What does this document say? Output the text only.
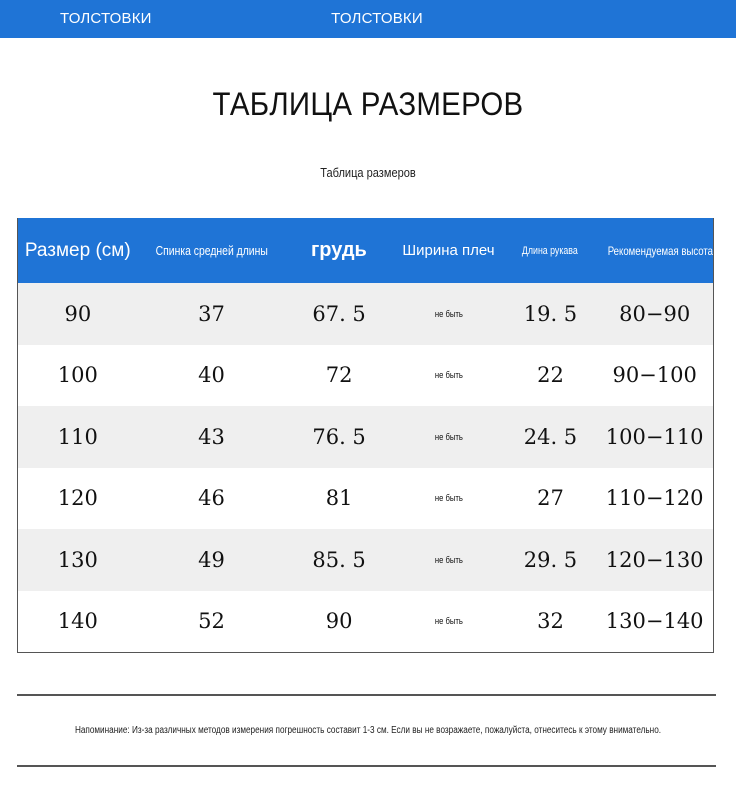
ТОЛСТОВКИ	ТОЛСТОВКИ
ТАБЛИЦА РАЗМЕРОВ
Таблица размеров
Размер (см)	Спинка средней длины	грудь	Ширина плеч	Длина рукава	Рекомендуемая высота
90	37	67. 5	не быть	19. 5	80−90
100	40	72	не быть	22	90−100
110	43	76. 5	не быть	24. 5	100−110
120	46	81	не быть	27	110−120
130	49	85. 5	не быть	29. 5	120−130
140	52	90	не быть	32	130−140
Напоминание: Из-за различных методов измерения погрешность составит 1-3 см. Если вы не возражаете, пожалуйста, отнеситесь к этому внимательно.
